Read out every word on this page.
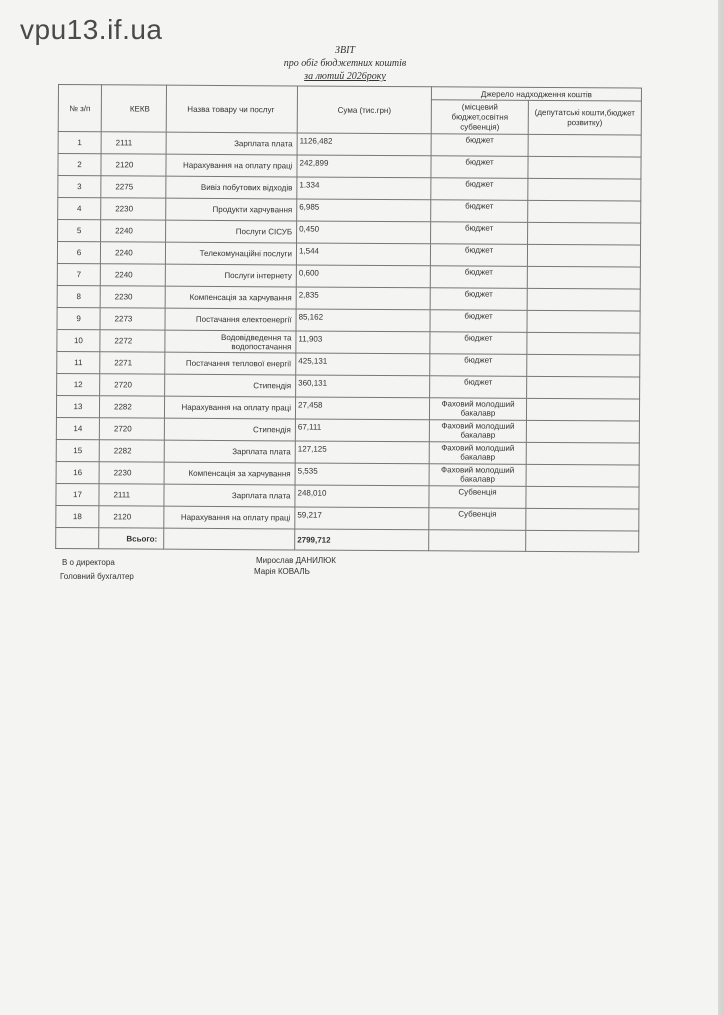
vpu13.if.ua
ЗВІТ
про обіг бюджетних коштів
за лютий 2026року
№ з/п	КЕКВ	Назва товару чи послуг	Сума (тис.грн)	Джерело надходження коштів	
				(місцевий бюджет,освітня субвенція)	(депутатські кошти,бюджет розвитку)
1	2111	Зарплата плата	1126,482	бюджет	
2	2120	Нарахування на оплату праці	242,899	бюджет	
3	2275	Вивіз побутових відходів	1.334	бюджет	
4	2230	Продукти харчування	6,985	бюджет	
5	2240	Послуги СІСУБ	0,450	бюджет	
6	2240	Телекомунаційні послуги	1,544	бюджет	
7	2240	Послуги інтернету	0,600	бюджет	
8	2230	Компенсація за харчування	2,835	бюджет	
9	2273	Постачання електоенергії	85,162	бюджет	
10	2272	Водовідведення та водопостачання	11,903	бюджет	
11	2271	Постачання теплової енергії	425,131	бюджет	
12	2720	Стипендія	360,131	бюджет	
13	2282	Нарахування на оплату праці	27,458	Фаховий молодший бакалавр	
14	2720	Стипендія	67,111	Фаховий молодший бакалавр	
15	2282	Зарплата плата	127,125	Фаховий молодший бакалавр	
16	2230	Компенсація за харчування	5,535	Фаховий молодший бакалавр	
17	2111	Зарплата плата	248,010	Субвенція	
18	2120	Нарахування на оплату праці	59,217	Субвенція	
	Всього:		2799,712		
В о директора	Мирослав ДАНИЛЮК
Головний бухгалтер
Марія КОВАЛЬ
